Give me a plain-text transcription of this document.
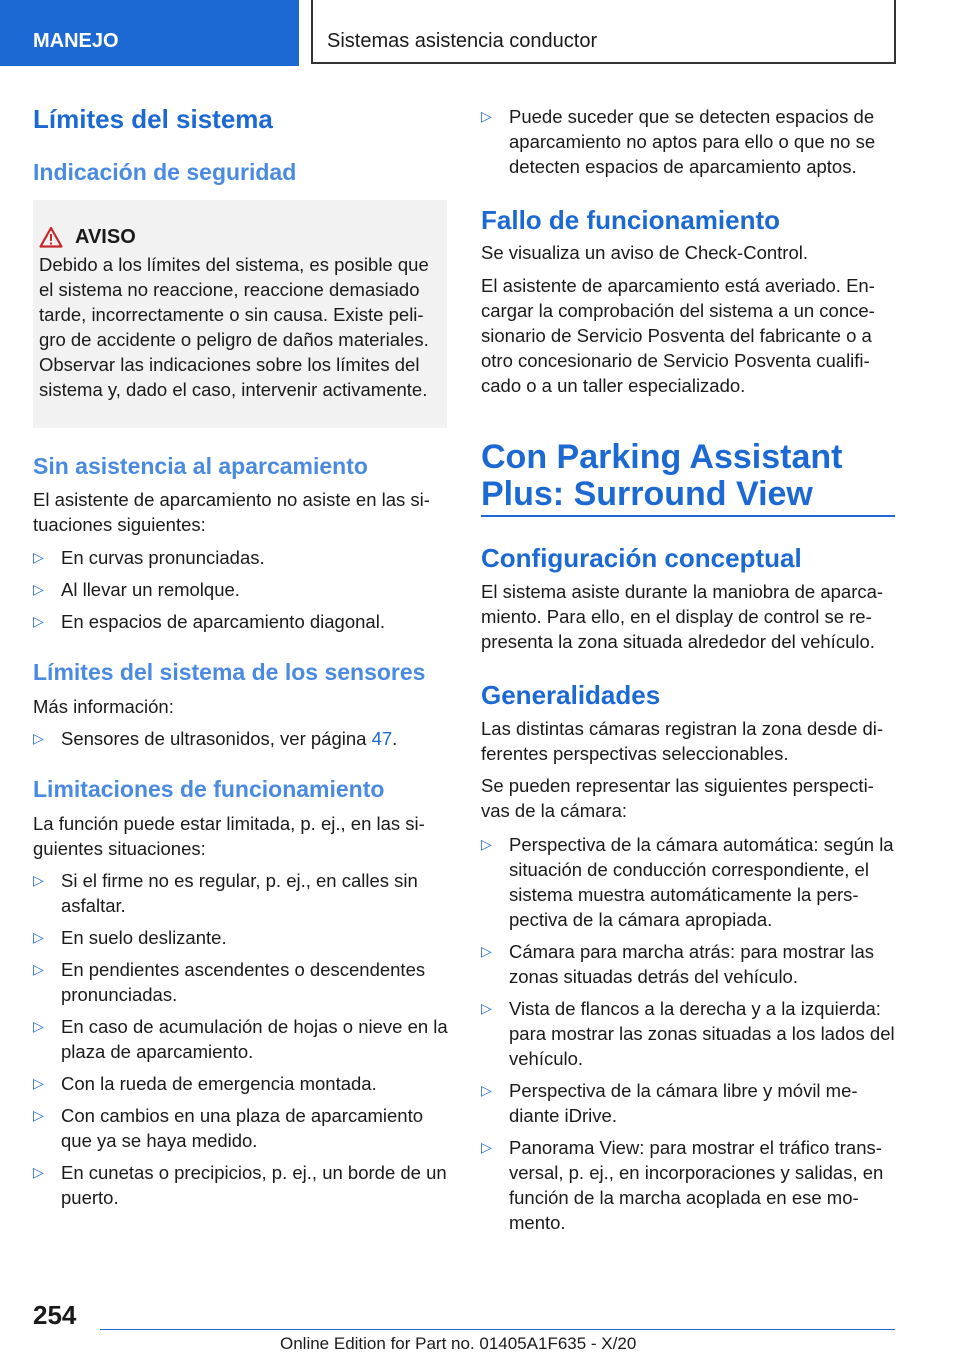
MANEJO	Sistemas asistencia conductor
Límites del sistema
Indicación de seguridad
AVISO
Debido a los límites del sistema, es posible que el sistema no reaccione, reaccione demasiado tarde, incorrectamente o sin causa. Existe peli-gro de accidente o peligro de daños materiales. Observar las indicaciones sobre los límites del sistema y, dado el caso, intervenir activamente.
Sin asistencia al aparcamiento
El asistente de aparcamiento no asiste en las si-tuaciones siguientes:
▷ En curvas pronunciadas.
▷ Al llevar un remolque.
▷ En espacios de aparcamiento diagonal.
Límites del sistema de los sensores
Más información:
▷ Sensores de ultrasonidos, ver página 47.
Limitaciones de funcionamiento
La función puede estar limitada, p. ej., en las si-guientes situaciones:
▷ Si el firme no es regular, p. ej., en calles sin asfaltar.
▷ En suelo deslizante.
▷ En pendientes ascendentes o descendentes pronunciadas.
▷ En caso de acumulación de hojas o nieve en la plaza de aparcamiento.
▷ Con la rueda de emergencia montada.
▷ Con cambios en una plaza de aparcamiento que ya se haya medido.
▷ En cunetas o precipicios, p. ej., un borde de un puerto.
▷ Puede suceder que se detecten espacios de aparcamiento no aptos para ello o que no se detecten espacios de aparcamiento aptos.
Fallo de funcionamiento
Se visualiza un aviso de Check-Control.
El asistente de aparcamiento está averiado. En-cargar la comprobación del sistema a un conce-sionario de Servicio Posventa del fabricante o a otro concesionario de Servicio Posventa cualifi-cado o a un taller especializado.
Con Parking Assistant
Plus: Surround View
Configuración conceptual
El sistema asiste durante la maniobra de aparca-miento. Para ello, en el display de control se re-presenta la zona situada alrededor del vehículo.
Generalidades
Las distintas cámaras registran la zona desde di-ferentes perspectivas seleccionables.
Se pueden representar las siguientes perspecti-vas de la cámara:
▷ Perspectiva de la cámara automática: según la situación de conducción correspondiente, el sistema muestra automáticamente la pers-pectiva de la cámara apropiada.
▷ Cámara para marcha atrás: para mostrar las zonas situadas detrás del vehículo.
▷ Vista de flancos a la derecha y a la izquierda: para mostrar las zonas situadas a los lados del vehículo.
▷ Perspectiva de la cámara libre y móvil me-diante iDrive.
▷ Panorama View: para mostrar el tráfico trans-versal, p. ej., en incorporaciones y salidas, en función de la marcha acoplada en ese mo-mento.
254
Online Edition for Part no. 01405A1F635 - X/20
